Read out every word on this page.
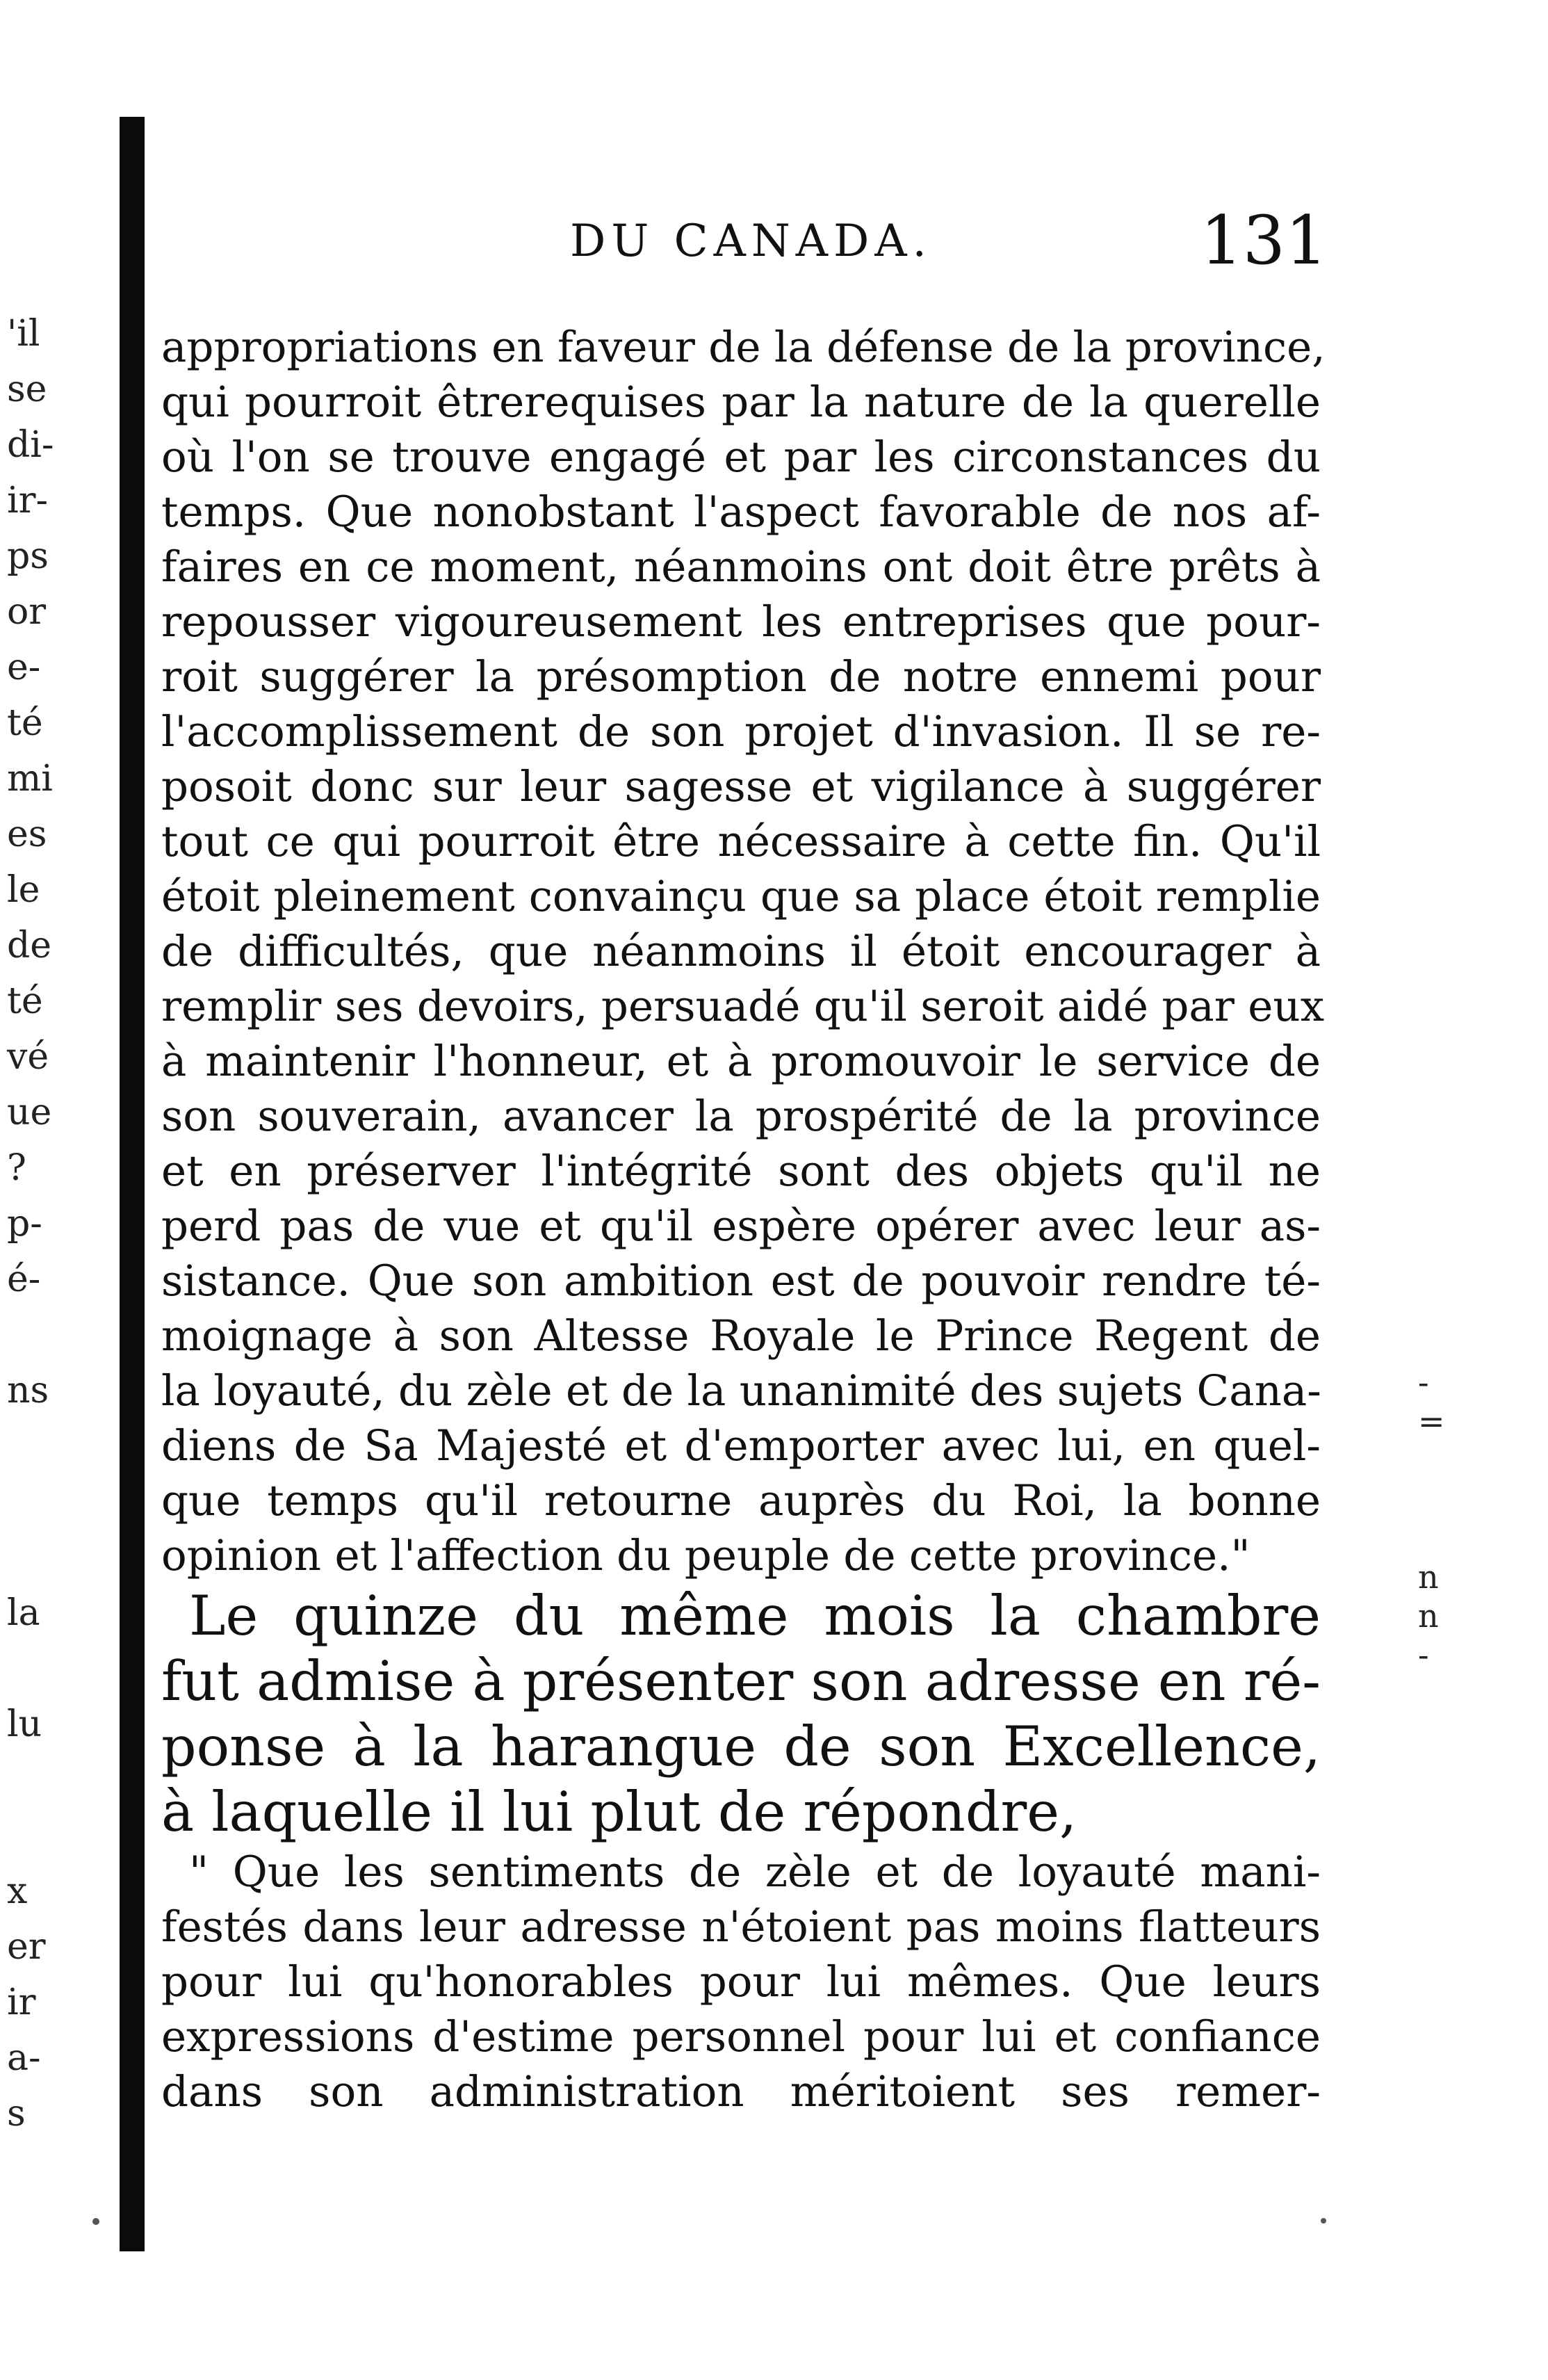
'il
se
di-
ir-
ps
or
e-
té
mi
es
le
de
té
vé
ue
?
p-
é-
ns
la
lu
x
er
ir
a-
s
-
=
n
n
-
DU CANADA.	131
appropriations en faveur de la défense de la province,
qui pourroit êtrerequises par la nature de la querelle
où l'on se trouve engagé et par les circonstances du
temps. Que nonobstant l'aspect favorable de nos af-
faires en ce moment, néanmoins ont doit être prêts à
repousser vigoureusement les entreprises que pour-
roit suggérer la présomption de notre ennemi pour
l'accomplissement de son projet d'invasion. Il se re-
posoit donc sur leur sagesse et vigilance à suggérer
tout ce qui pourroit être nécessaire à cette fin. Qu'il
étoit pleinement convainçu que sa place étoit remplie
de difficultés, que néanmoins il étoit encourager à
remplir ses devoirs, persuadé qu'il seroit aidé par eux
à maintenir l'honneur, et à promouvoir le service de
son souverain, avancer la prospérité de la province
et en préserver l'intégrité sont des objets qu'il ne
perd pas de vue et qu'il espère opérer avec leur as-
sistance. Que son ambition est de pouvoir rendre té-
moignage à son Altesse Royale le Prince Regent de
la loyauté, du zèle et de la unanimité des sujets Cana-
diens de Sa Majesté et d'emporter avec lui, en quel-
que temps qu'il retourne auprès du Roi, la bonne
opinion et l'affection du peuple de cette province."
Le quinze du même mois la chambre
fut admise à présenter son adresse en ré-
ponse à la harangue de son Excellence,
à laquelle il lui plut de répondre,
" Que les sentiments de zèle et de loyauté mani-
festés dans leur adresse n'étoient pas moins flatteurs
pour lui qu'honorables pour lui mêmes. Que leurs
expressions d'estime personnel pour lui et confiance
dans son administration méritoient ses remer-
